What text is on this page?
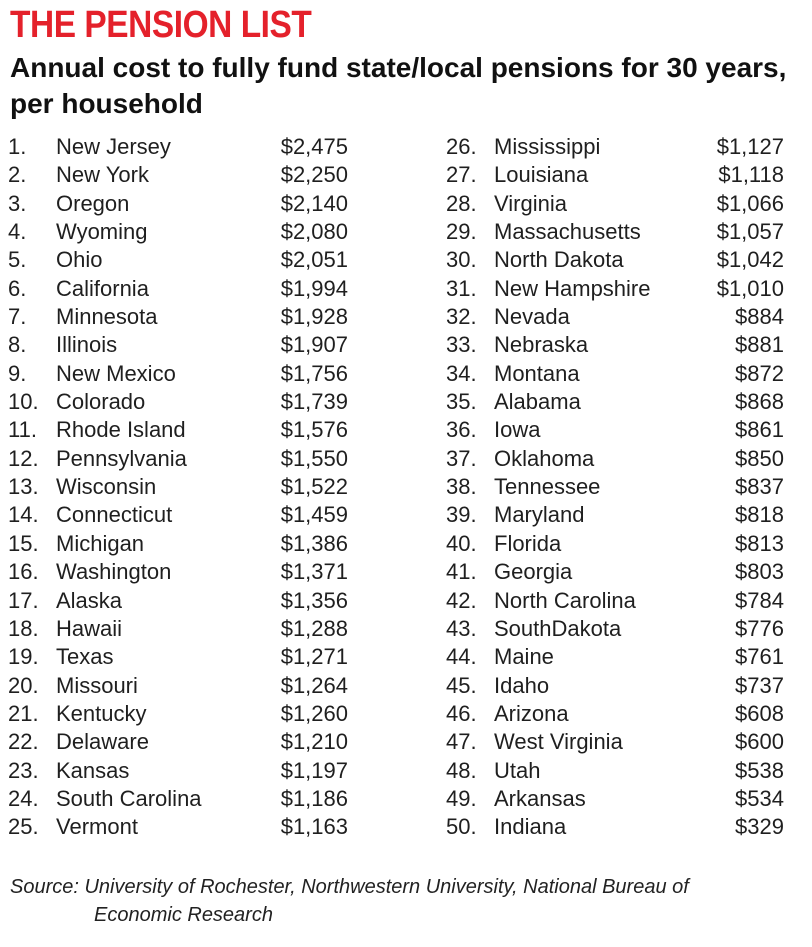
THE PENSION LIST
Annual cost to fully fund state/local pensions for 30 years, per household
1. New Jersey	$2,475
2. New York	$2,250
3. Oregon	$2,140
4. Wyoming	$2,080
5. Ohio	$2,051
6. California	$1,994
7. Minnesota	$1,928
8. Illinois	$1,907
9. New Mexico	$1,756
10. Colorado	$1,739
11. Rhode Island	$1,576
12. Pennsylvania	$1,550
13. Wisconsin	$1,522
14. Connecticut	$1,459
15. Michigan	$1,386
16. Washington	$1,371
17. Alaska	$1,356
18. Hawaii	$1,288
19. Texas	$1,271
20. Missouri	$1,264
21. Kentucky	$1,260
22. Delaware	$1,210
23. Kansas	$1,197
24. South Carolina	$1,186
25. Vermont	$1,163
26. Mississippi	$1,127
27. Louisiana	$1,118
28. Virginia	$1,066
29. Massachusetts	$1,057
30. North Dakota	$1,042
31. New Hampshire	$1,010
32. Nevada	$884
33. Nebraska	$881
34. Montana	$872
35. Alabama	$868
36. Iowa	$861
37. Oklahoma	$850
38. Tennessee	$837
39. Maryland	$818
40. Florida	$813
41. Georgia	$803
42. North Carolina	$784
43. SouthDakota	$776
44. Maine	$761
45. Idaho	$737
46. Arizona	$608
47. West Virginia	$600
48. Utah	$538
49. Arkansas	$534
50. Indiana	$329
Source: University of Rochester, Northwestern University, National Bureau of
Economic Research
